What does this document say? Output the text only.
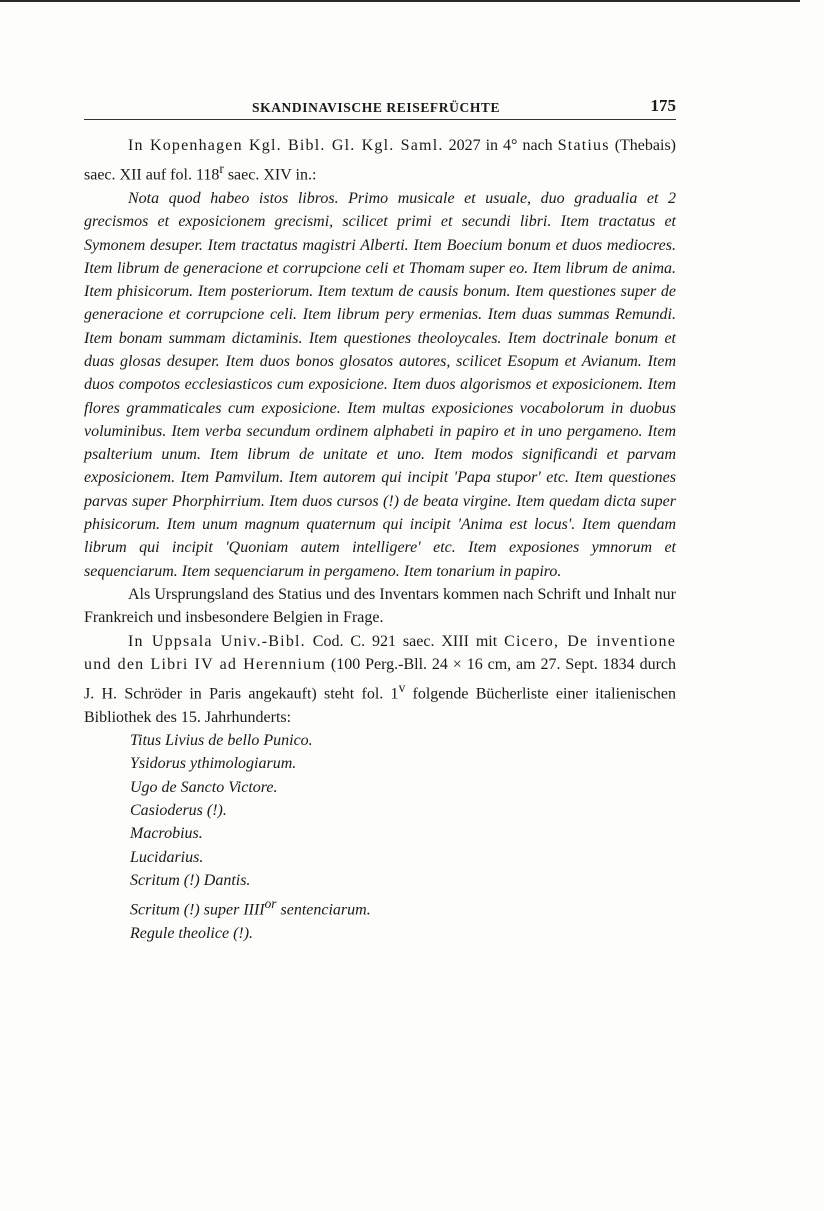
SKANDINAVISCHE REISEFRÜCHTE	175

In Kopenhagen Kgl. Bibl. Gl. Kgl. Saml. 2027 in 4° nach Statius (Thebais) saec. XII auf fol. 118$^r$ saec. XIV in.:

Nota quod habeo istos libros. Primo musicale et usuale, duo gradualia et 2 grecismos et exposicionem grecismi, scilicet primi et secundi libri. Item tractatus et Symonem desuper. Item tractatus magistri Alberti. Item Boecium bonum et duos mediocres. Item librum de generacione et corrupcione celi et Thomam super eo. Item librum de anima. Item phisicorum. Item posteriorum. Item textum de causis bonum. Item questiones super de generacione et corrupcione celi. Item librum pery ermenias. Item duas summas Remundi. Item bonam summam dictaminis. Item questiones theoloycales. Item doctrinale bonum et duas glosas desuper. Item duos bonos glosatos autores, scilicet Esopum et Avianum. Item duos compotos ecclesiasticos cum exposicione. Item duos algorismos et exposicionem. Item flores grammaticales cum exposicione. Item multas exposiciones vocabolorum in duobus voluminibus. Item verba secundum ordinem alphabeti in papiro et in uno pergameno. Item psalterium unum. Item librum de unitate et uno. Item modos significandi et parvam exposicionem. Item Pamvilum. Item autorem qui incipit 'Papa stupor' etc. Item questiones parvas super Phorphirrium. Item duos cursos (!) de beata virgine. Item quedam dicta super phisicorum. Item unum magnum quaternum qui incipit 'Anima est locus'. Item quendam librum qui incipit 'Quoniam autem intelligere' etc. Item exposiones ymnorum et sequenciarum. Item sequenciarum in pergameno. Item tonarium in papiro.

Als Ursprungsland des Statius und des Inventars kommen nach Schrift und Inhalt nur Frankreich und insbesondere Belgien in Frage.

In Uppsala Univ.-Bibl. Cod. C. 921 saec. XIII mit Cicero, De inventione und den Libri IV ad Herennium (100 Perg.-Bll. 24 × 16 cm, am 27. Sept. 1834 durch J. H. Schröder in Paris angekauft) steht fol. 1$^v$ folgende Bücherliste einer italienischen Bibliothek des 15. Jahrhunderts:

Titus Livius de bello Punico.
Ysidorus ythimologiarum.
Ugo de Sancto Victore.
Casioderus (!).
Macrobius.
Lucidarius.
Scritum (!) Dantis.
Scritum (!) super $IIII^{or}$ sentenciarum.
Regule theolice (!).
